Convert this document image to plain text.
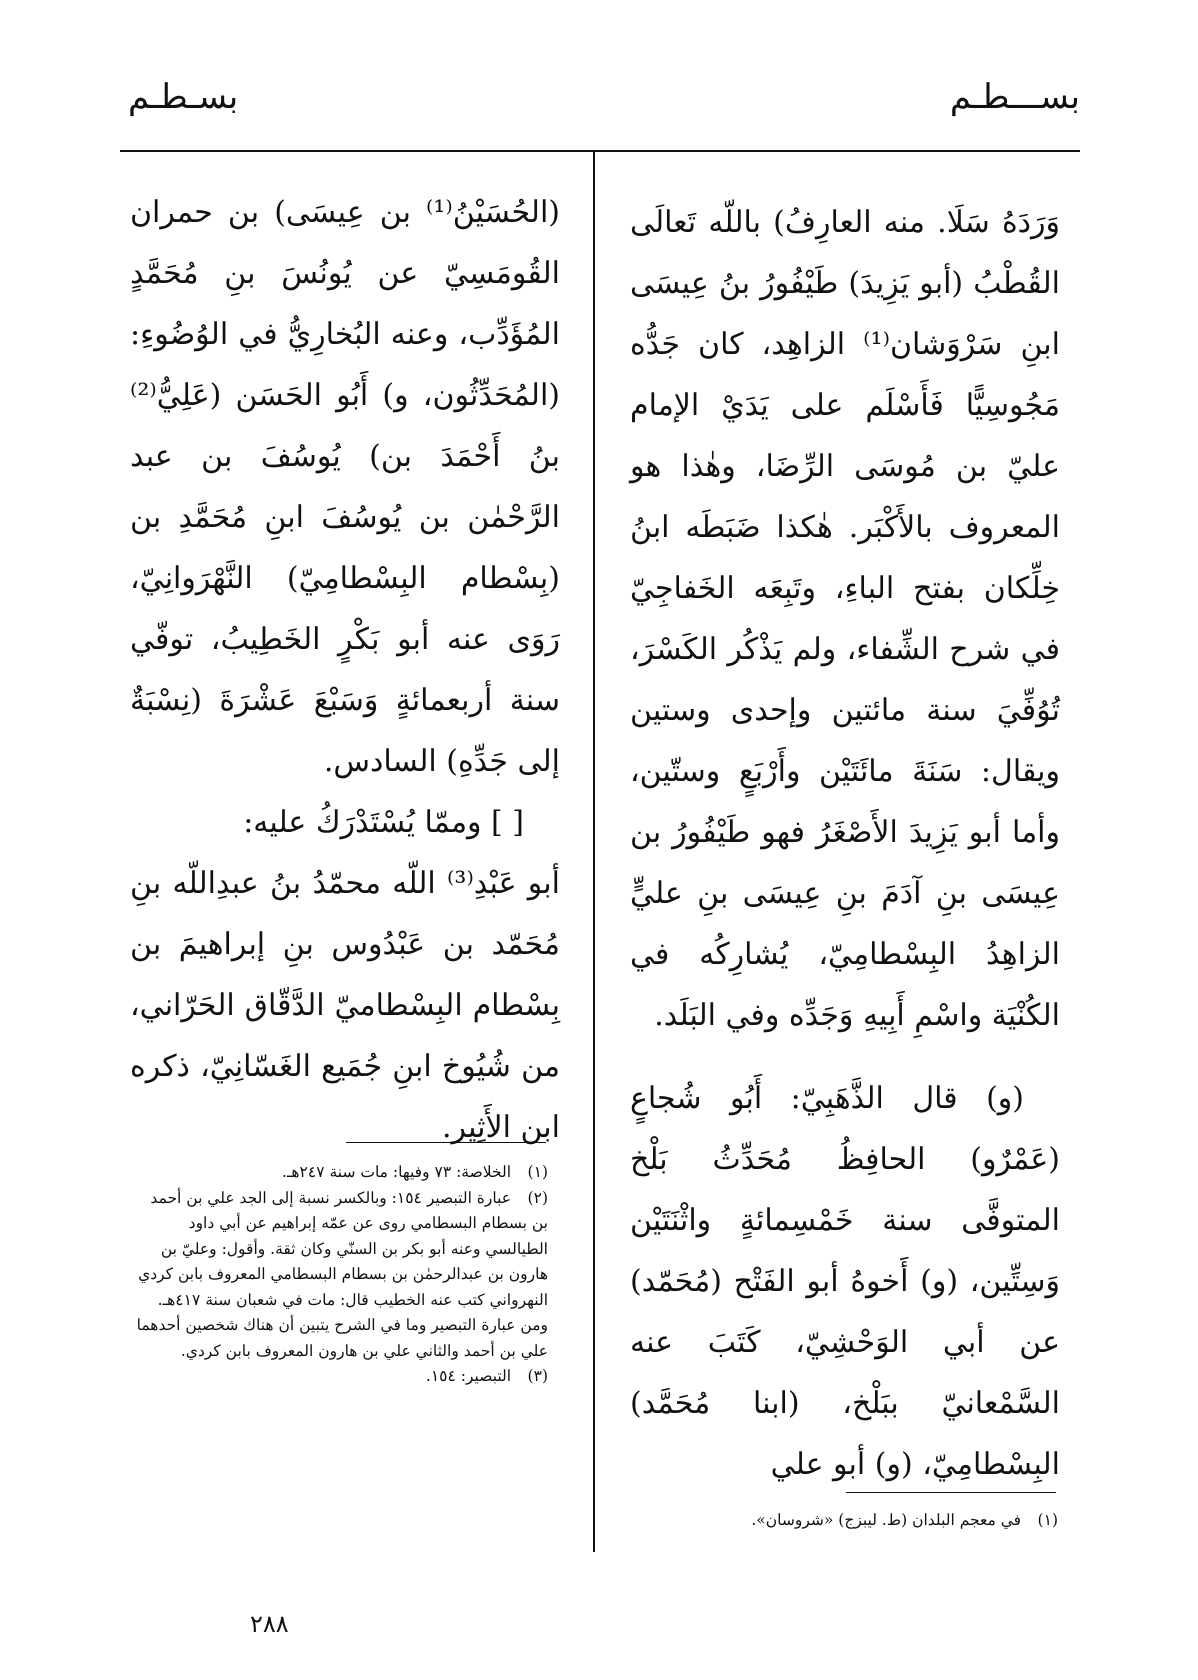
بســـطـم
بسـطـم

وَرَدَهُ سَلَا. منه العارِفُ) باللّه تَعالَى القُطْبُ (أبو يَزِيدَ) طَيْفُورُ بنُ عِيسَى ابنِ سَرْوَشان⁽¹⁾ الزاهِد، كان جَدُّه مَجُوسِيًّا فَأَسْلَم على يَدَيْ الإمام عليّ بن مُوسَى الرِّضَا، وهٰذا هو المعروف بالأَكْبَر. هٰكذا ضَبَطَه ابنُ خِلِّكان بفتح الباءِ، وتَبِعَه الخَفاجِيّ في شرح الشِّفاء، ولم يَذْكُر الكَسْرَ، تُوُفِّيَ سنة مائتين وإحدى وستين ويقال: سَنَةَ مائَتَيْن وأَرْبَعٍ وستّين، وأما أبو يَزِيدَ الأَصْغَرُ فهو طَيْفُورُ بن عِيسَى بنِ آدَمَ بنِ عِيسَى بنِ عليٍّ الزاهِدُ البِسْطامِيّ، يُشارِكُه في الكُنْيَة واسْمِ أَبِيهِ وَجَدِّه وفي البَلَد.

(و) قال الذَّهَبِيّ: أَبُو شُجاعٍ (عَمْرٌو) الحافِظُ مُحَدِّثُ بَلْخ المتوفَّى سنة خَمْسِمائةٍ واثْنَتَيْن وَسِتِّين، (و) أَخوهُ أبو الفَتْح (مُحَمّد) عن أبي الوَحْشِيّ، كَتَبَ عنه السَّمْعانيّ ببَلْخ، (ابنا مُحَمَّد) البِسْطامِيّ، (و) أبو علي

(١) في معجم البلدان (ط. ليبزج) «شروسان».

(الحُسَيْنُ⁽¹⁾ بن عِيسَى) بن حمران القُومَسِيّ عن يُونُسَ بنِ مُحَمَّدٍ المُؤَدِّب، وعنه البُخارِيُّ في الوُضُوءِ: (المُحَدِّثُون، و) أَبُو الحَسَن (عَلِيُّ⁽²⁾ بنُ أَحْمَدَ بن) يُوسُفَ بن عبد الرَّحْمٰن بن يُوسُفَ ابنِ مُحَمَّدِ بن (بِسْطام البِسْطامِيّ) النَّهْرَوانِيّ، رَوَى عنه أبو بَكْرٍ الخَطِيبُ، توفّي سنة أربعمائةٍ وَسَبْعَ عَشْرَةَ (نِسْبَةٌ إلى جَدِّهِ) السادس.

[ ] وممّا يُسْتَدْرَكُ عليه:

أبو عَبْدِ⁽³⁾ اللّه محمّدُ بنُ عبدِاللّه بنِ مُحَمّد بن عَبْدُوس بنِ إبراهيمَ بن بِسْطام البِسْطاميّ الدَّقّاق الحَرّاني، من شُيُوخ ابنِ جُمَيع الغَسّانِيّ، ذكره ابن الأَثِير.

(١) الخلاصة: ٧٣ وفيها: مات سنة ٢٤٧هـ.

(٢) عبارة التبصير ١٥٤: وبالكسر نسبة إلى الجد علي بن أحمد بن بسطام البسطامي روى عن عمّه إبراهيم عن أبي داود الطيالسي وعنه أبو بكر بن السنّي وكان ثقة. وأقول: وعليّ بن هارون بن عبدالرحمٰن بن بسطام البسطامي المعروف بابن كردي النهرواني كتب عنه الخطيب قال: مات في شعبان سنة ٤١٧هـ. ومن عبارة التبصير وما في الشرح يتبين أن هناك شخصين أحدهما علي بن أحمد والثاني علي بن هارون المعروف بابن كردي.

(٣) التبصير: ١٥٤.

٢٨٨
